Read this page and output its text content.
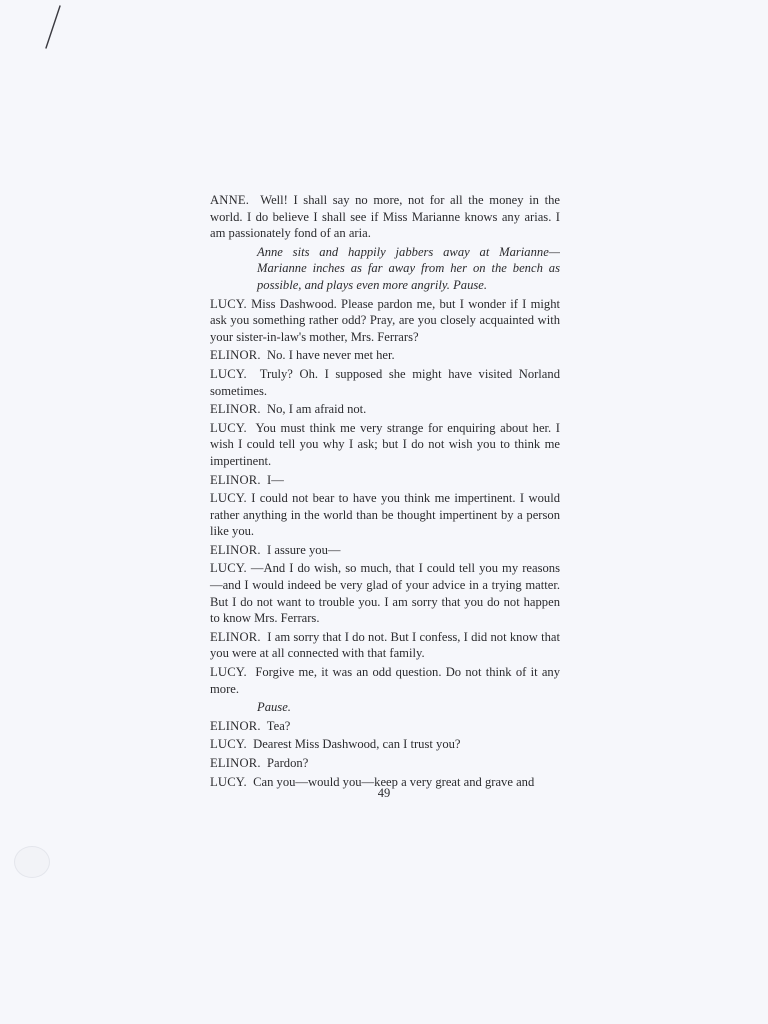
ANNE. Well! I shall say no more, not for all the money in the world. I do believe I shall see if Miss Marianne knows any arias. I am passionately fond of an aria.

Anne sits and happily jabbers away at Marianne—Marianne inches as far away from her on the bench as possible, and plays even more angrily. Pause.

LUCY. Miss Dashwood. Please pardon me, but I wonder if I might ask you something rather odd? Pray, are you closely acquainted with your sister-in-law's mother, Mrs. Ferrars?

ELINOR. No. I have never met her.

LUCY. Truly? Oh. I supposed she might have visited Norland sometimes.

ELINOR. No, I am afraid not.

LUCY. You must think me very strange for enquiring about her. I wish I could tell you why I ask; but I do not wish you to think me impertinent.

ELINOR. I—

LUCY. I could not bear to have you think me impertinent. I would rather anything in the world than be thought impertinent by a person like you.

ELINOR. I assure you—

LUCY. —And I do wish, so much, that I could tell you my reasons—and I would indeed be very glad of your advice in a trying matter. But I do not want to trouble you. I am sorry that you do not happen to know Mrs. Ferrars.

ELINOR. I am sorry that I do not. But I confess, I did not know that you were at all connected with that family.

LUCY. Forgive me, it was an odd question. Do not think of it any more.

Pause.

ELINOR. Tea?

LUCY. Dearest Miss Dashwood, can I trust you?

ELINOR. Pardon?

LUCY. Can you—would you—keep a very great and grave and

49
